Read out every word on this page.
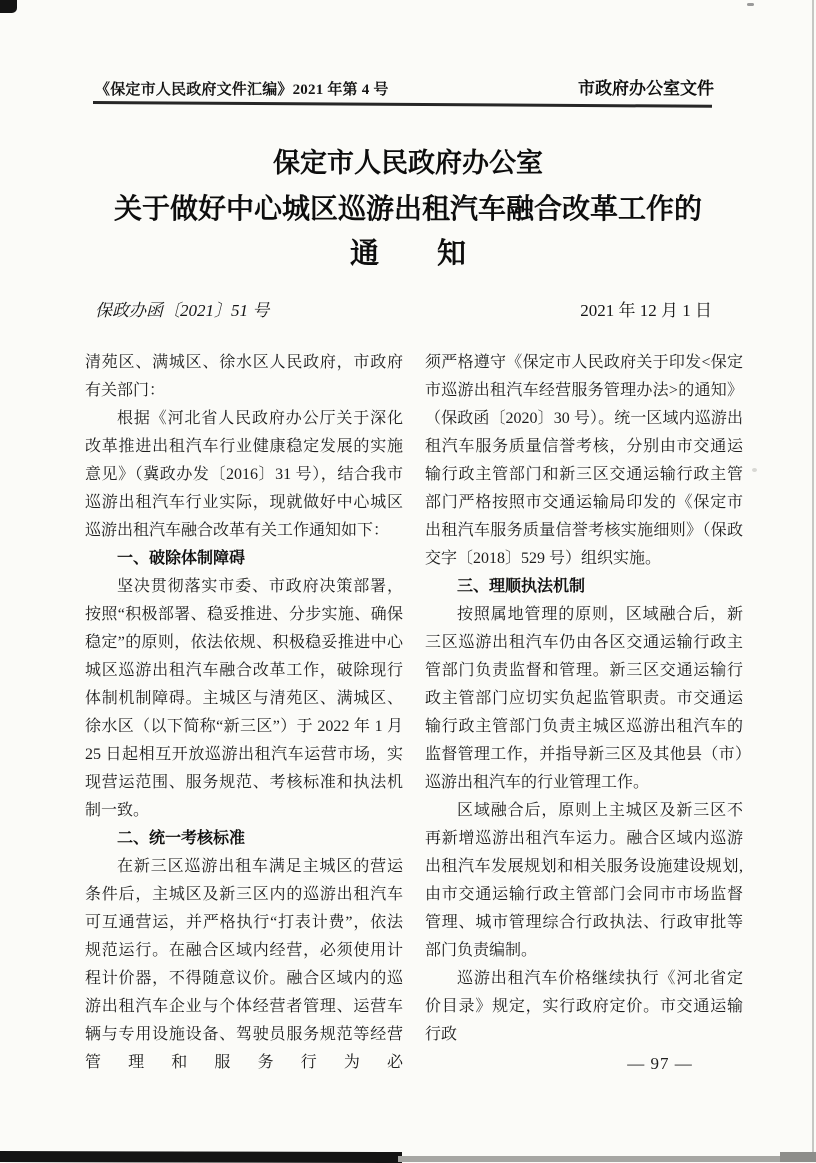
《保定市人民政府文件汇编》2021 年第 4 号	市政府办公室文件
保定市人民政府办公室
关于做好中心城区巡游出租汽车融合改革工作的
通　　知
保政办函〔2021〕51 号	2021 年 12 月 1 日

清苑区、满城区、徐水区人民政府，市政府有关部门：

根据《河北省人民政府办公厅关于深化改革推进出租汽车行业健康稳定发展的实施意见》（冀政办发〔2016〕31 号），结合我市巡游出租汽车行业实际，现就做好中心城区巡游出租汽车融合改革有关工作通知如下：

一、破除体制障碍

坚决贯彻落实市委、市政府决策部署，按照“积极部署、稳妥推进、分步实施、确保稳定”的原则，依法依规、积极稳妥推进中心城区巡游出租汽车融合改革工作，破除现行体制机制障碍。主城区与清苑区、满城区、徐水区（以下简称“新三区”）于 2022 年 1 月 25 日起相互开放巡游出租汽车运营市场，实现营运范围、服务规范、考核标准和执法机制一致。

二、统一考核标准

在新三区巡游出租车满足主城区的营运条件后，主城区及新三区内的巡游出租汽车可互通营运，并严格执行“打表计费”，依法规范运行。在融合区域内经营，必须使用计程计价器，不得随意议价。融合区域内的巡游出租汽车企业与个体经营者管理、运营车辆与专用设施设备、驾驶员服务规范等经营管理和服务行为必

须严格遵守《保定市人民政府关于印发<保定市巡游出租汽车经营服务管理办法>的通知》（保政函〔2020〕30 号）。统一区域内巡游出租汽车服务质量信誉考核，分别由市交通运输行政主管部门和新三区交通运输行政主管部门严格按照市交通运输局印发的《保定市出租汽车服务质量信誉考核实施细则》（保政交字〔2018〕529 号）组织实施。

三、理顺执法机制

按照属地管理的原则，区域融合后，新三区巡游出租汽车仍由各区交通运输行政主管部门负责监督和管理。新三区交通运输行政主管部门应切实负起监管职责。市交通运输行政主管部门负责主城区巡游出租汽车的监督管理工作，并指导新三区及其他县（市）巡游出租汽车的行业管理工作。

区域融合后，原则上主城区及新三区不再新增巡游出租汽车运力。融合区域内巡游出租汽车发展规划和相关服务设施建设规划,由市交通运输行政主管部门会同市市场监督管理、城市管理综合行政执法、行政审批等部门负责编制。

巡游出租汽车价格继续执行《河北省定价目录》规定，实行政府定价。市交通运输行政

— 97 —
